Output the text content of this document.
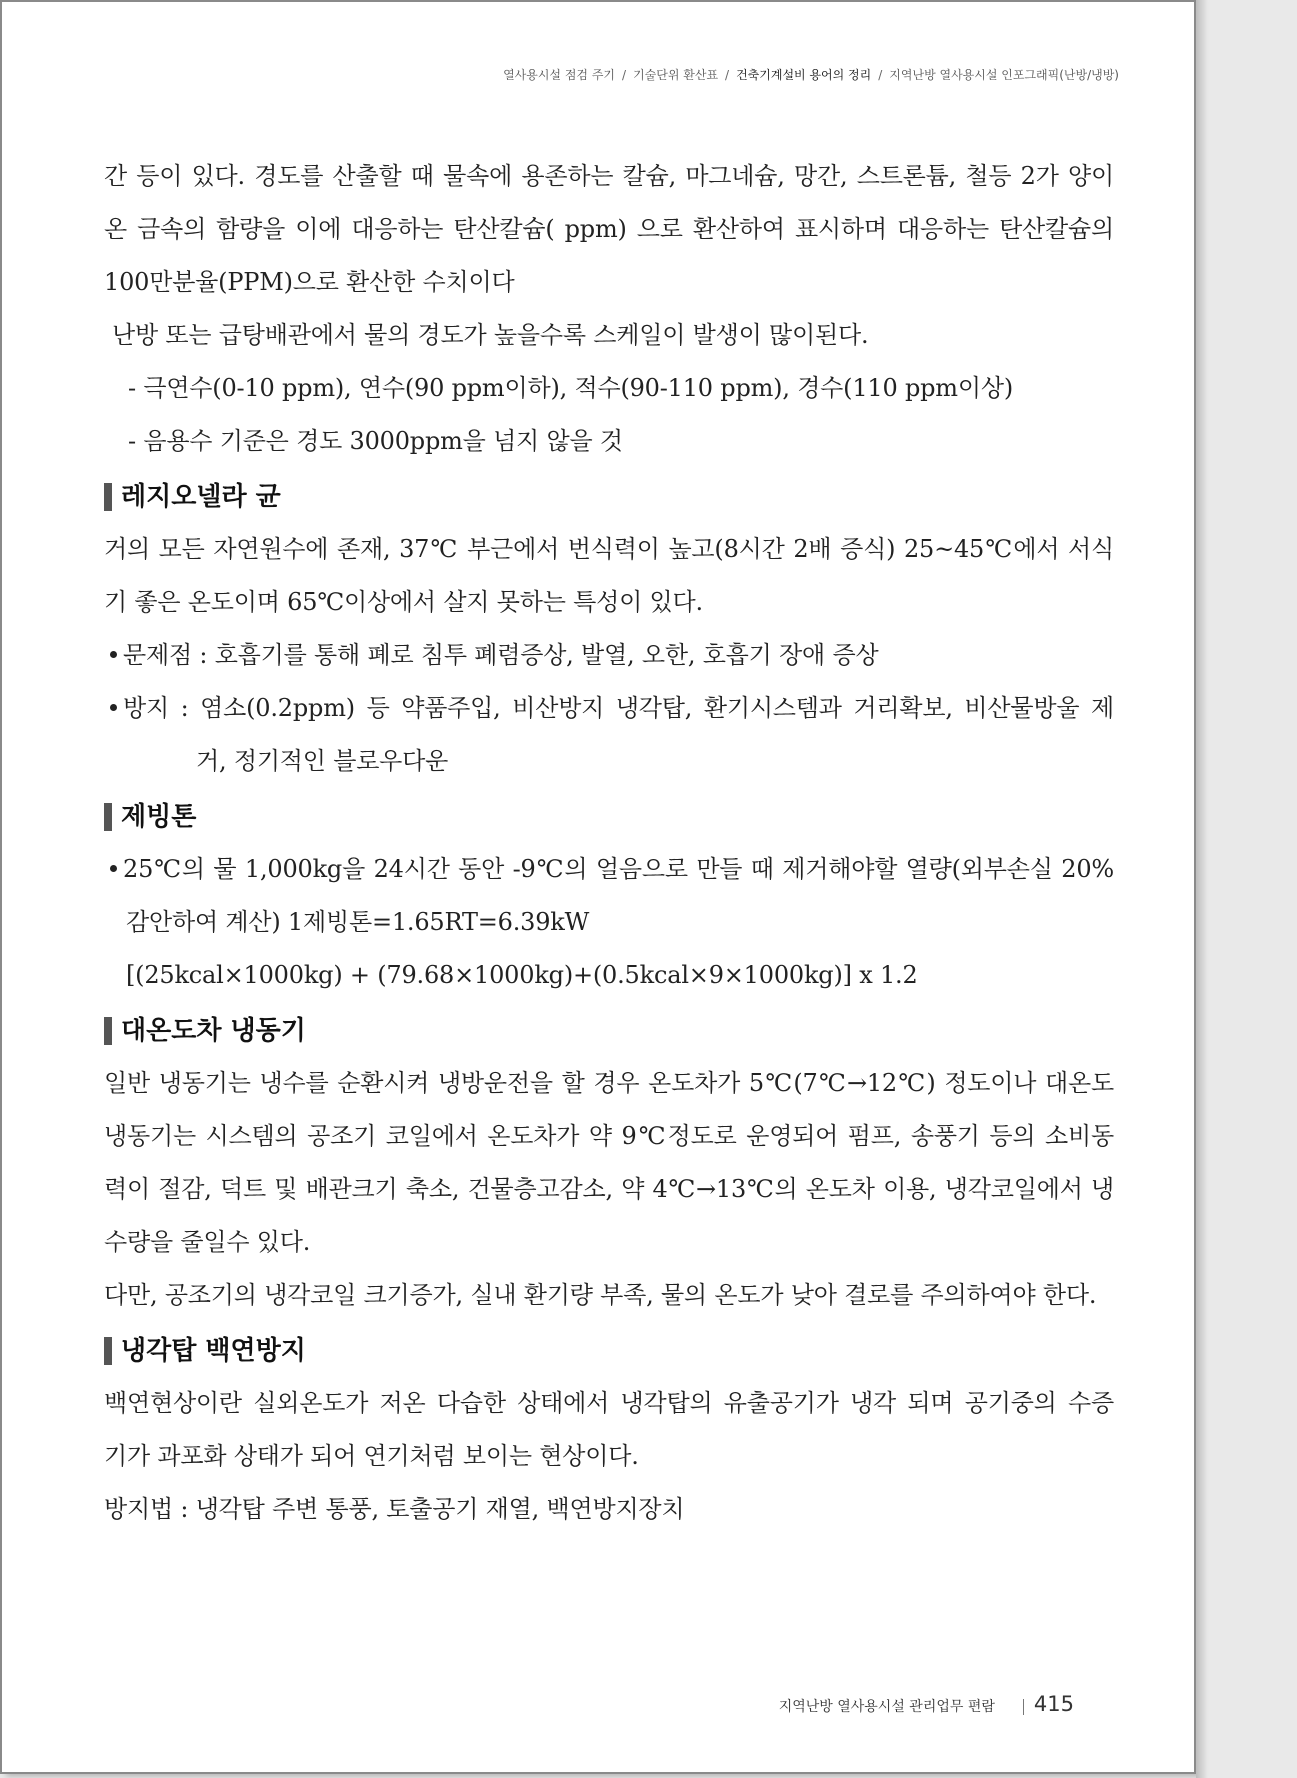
열사용시설 점검 주기 / 기술단위 환산표 / 건축기계설비 용어의 정리 / 지역난방 열사용시설 인포그래픽(난방/냉방)
간 등이 있다. 경도를 산출할 때 물속에 용존하는 칼슘, 마그네슘, 망간, 스트론튬, 철등 2가 양이
온 금속의 함량을 이에 대응하는 탄산칼슘( ppm) 으로 환산하여 표시하며 대응하는 탄산칼슘의
100만분율(PPM)으로 환산한 수치이다
난방 또는 급탕배관에서 물의 경도가 높을수록 스케일이 발생이 많이된다.
- 극연수(0-10 ppm), 연수(90 ppm이하), 적수(90-110 ppm), 경수(110 ppm이상)
- 음용수 기준은 경도 3000ppm을 넘지 않을 것
레지오넬라 균
거의 모든 자연원수에 존재, 37℃ 부근에서 번식력이 높고(8시간 2배 증식) 25~45℃에서 서식
기 좋은 온도이며 65℃이상에서 살지 못하는 특성이 있다.
문제점 : 호흡기를 통해 폐로 침투 폐렴증상, 발열, 오한, 호흡기 장애 증상
방지 : 염소(0.2ppm) 등 약품주입, 비산방지 냉각탑, 환기시스템과 거리확보, 비산물방울 제
거, 정기적인 블로우다운
제빙톤
25℃의 물 1,000kg을 24시간 동안 -9℃의 얼음으로 만들 때 제거해야할 열량(외부손실 20%
감안하여 계산) 1제빙톤=1.65RT=6.39kW
[(25kcal×1000kg) + (79.68×1000kg)+(0.5kcal×9×1000kg)] x 1.2
대온도차 냉동기
일반 냉동기는 냉수를 순환시켜 냉방운전을 할 경우 온도차가 5℃(7℃→12℃) 정도이나 대온도
냉동기는 시스템의 공조기 코일에서 온도차가 약 9℃정도로 운영되어 펌프, 송풍기 등의 소비동
력이 절감, 덕트 및 배관크기 축소, 건물층고감소, 약 4℃→13℃의 온도차 이용, 냉각코일에서 냉
수량을 줄일수 있다.
다만, 공조기의 냉각코일 크기증가, 실내 환기량 부족, 물의 온도가 낮아 결로를 주의하여야 한다.
냉각탑 백연방지
백연현상이란 실외온도가 저온 다습한 상태에서 냉각탑의 유출공기가 냉각 되며 공기중의 수증
기가 과포화 상태가 되어 연기처럼 보이는 현상이다.
방지법 : 냉각탑 주변 통풍, 토출공기 재열, 백연방지장치
지역난방 열사용시설 관리업무 편람 415
